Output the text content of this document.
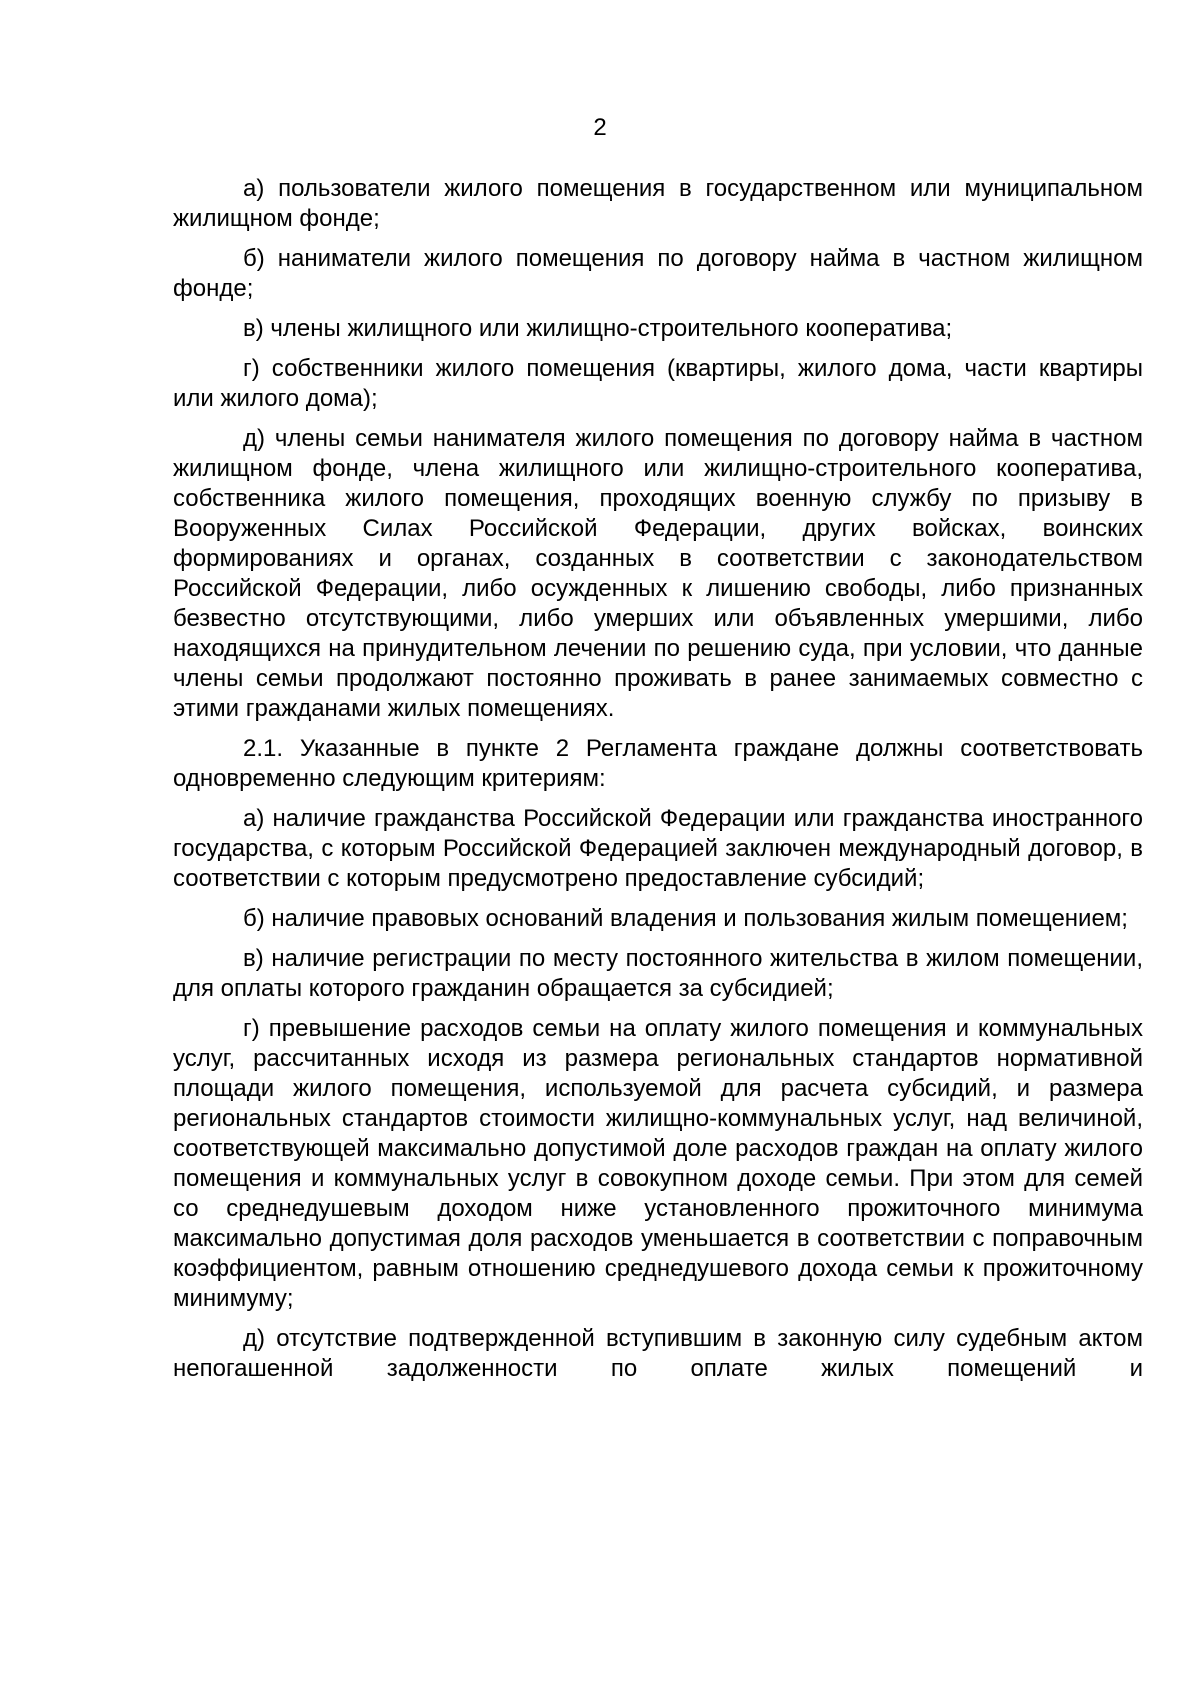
2

а) пользователи жилого помещения в государственном или муниципальном жилищном фонде;

б) наниматели жилого помещения по договору найма в частном жилищном фонде;

в) члены жилищного или жилищно-строительного кооператива;

г) собственники жилого помещения (квартиры, жилого дома, части квартиры или жилого дома);

д) члены семьи нанимателя жилого помещения по договору найма в частном жилищном фонде, члена жилищного или жилищно-строительного кооператива, собственника жилого помещения, проходящих военную службу по призыву в Вооруженных Силах Российской Федерации, других войсках, воинских формированиях и органах, созданных в соответствии с законодательством Российской Федерации, либо осужденных к лишению свободы, либо признанных безвестно отсутствующими, либо умерших или объявленных умершими, либо находящихся на принудительном лечении по решению суда, при условии, что данные члены семьи продолжают постоянно проживать в ранее занимаемых совместно с этими гражданами жилых помещениях.

2.1. Указанные в пункте 2 Регламента граждане должны соответствовать одновременно следующим критериям:

а) наличие гражданства Российской Федерации или гражданства иностранного государства, с которым Российской Федерацией заключен международный договор, в соответствии с которым предусмотрено предоставление субсидий;

б) наличие правовых оснований владения и пользования жилым помещением;

в) наличие регистрации по месту постоянного жительства в жилом помещении, для оплаты которого гражданин обращается за субсидией;

г) превышение расходов семьи на оплату жилого помещения и коммунальных услуг, рассчитанных исходя из размера региональных стандартов нормативной площади жилого помещения, используемой для расчета субсидий, и размера региональных стандартов стоимости жилищно-коммунальных услуг, над величиной, соответствующей максимально допустимой доле расходов граждан на оплату жилого помещения и коммунальных услуг в совокупном доходе семьи. При этом для семей со среднедушевым доходом ниже установленного прожиточного минимума максимально допустимая доля расходов уменьшается в соответствии с поправочным коэффициентом, равным отношению среднедушевого дохода семьи к прожиточному минимуму;

д) отсутствие подтвержденной вступившим в законную силу судебным актом непогашенной задолженности по оплате жилых помещений и
